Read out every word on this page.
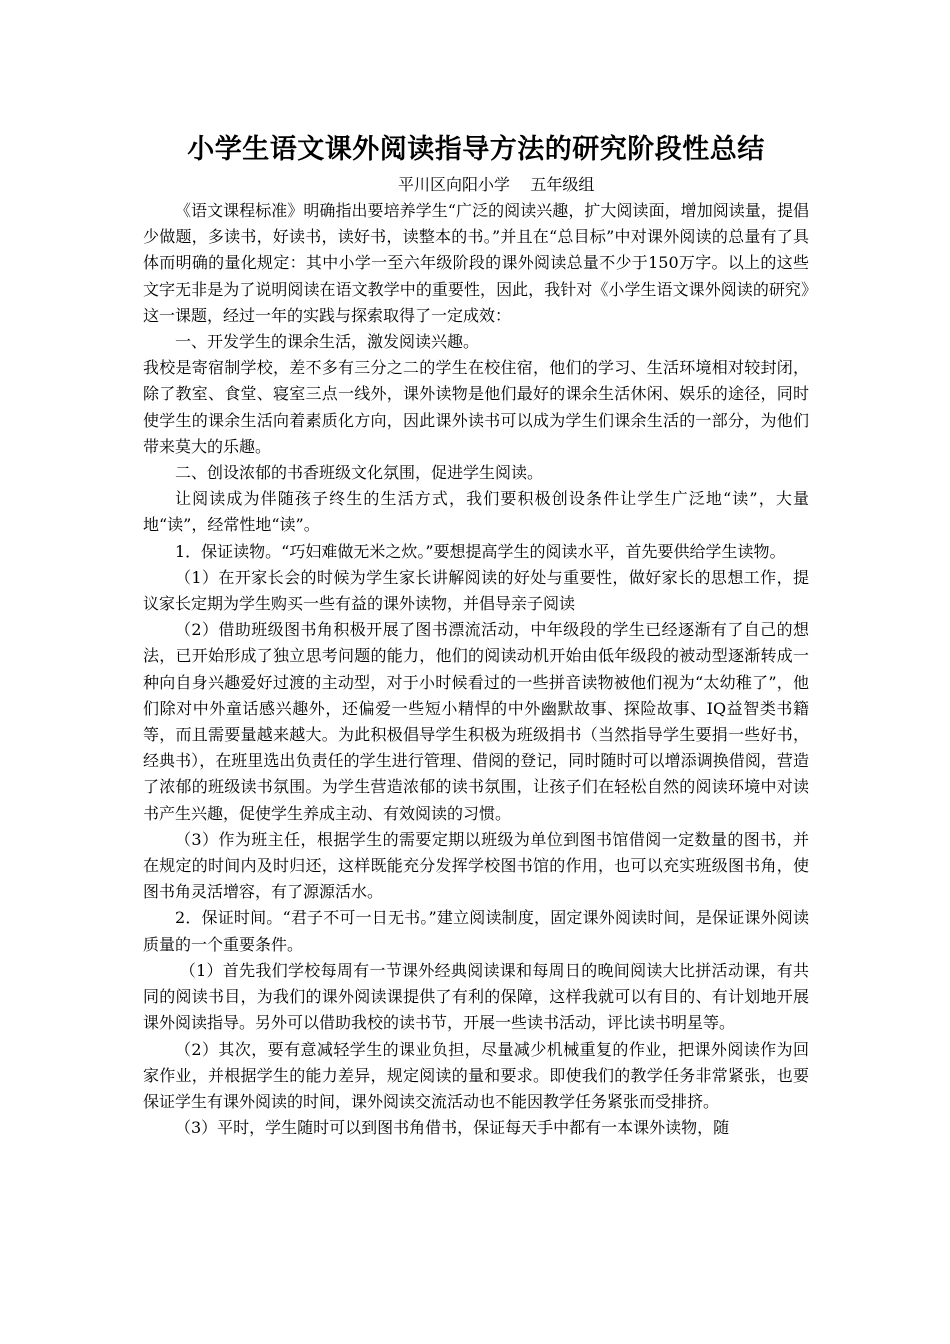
小学生语文课外阅读指导方法的研究阶段性总结
平川区向阳小学    五年级组

《语文课程标准》明确指出要培养学生“广泛的阅读兴趣，扩大阅读面，增加阅读量，提倡少做题，多读书，好读书，读好书，读整本的书。”并且在“总目标”中对课外阅读的总量有了具体而明确的量化规定：其中小学一至六年级阶段的课外阅读总量不少于150万字。以上的这些文字无非是为了说明阅读在语文教学中的重要性，因此，我针对《小学生语文课外阅读的研究》这一课题，经过一年的实践与探索取得了一定成效：

一、开发学生的课余生活，激发阅读兴趣。

我校是寄宿制学校，差不多有三分之二的学生在校住宿，他们的学习、生活环境相对较封闭，除了教室、食堂、寝室三点一线外，课外读物是他们最好的课余生活休闲、娱乐的途径，同时使学生的课余生活向着素质化方向，因此课外读书可以成为学生们课余生活的一部分，为他们带来莫大的乐趣。

二、创设浓郁的书香班级文化氛围，促进学生阅读。

让阅读成为伴随孩子终生的生活方式，我们要积极创设条件让学生广泛地“读”，大量地“读”，经常性地“读”。

1．保证读物。“巧妇难做无米之炊。”要想提高学生的阅读水平，首先要供给学生读物。

（1）在开家长会的时候为学生家长讲解阅读的好处与重要性，做好家长的思想工作，提议家长定期为学生购买一些有益的课外读物，并倡导亲子阅读

（2）借助班级图书角积极开展了图书漂流活动，中年级段的学生已经逐渐有了自己的想法，已开始形成了独立思考问题的能力，他们的阅读动机开始由低年级段的被动型逐渐转成一种向自身兴趣爱好过渡的主动型，对于小时候看过的一些拼音读物被他们视为“太幼稚了”，他们除对中外童话感兴趣外，还偏爱一些短小精悍的中外幽默故事、探险故事、IQ益智类书籍等，而且需要量越来越大。为此积极倡导学生积极为班级捐书（当然指导学生要捐一些好书，经典书），在班里选出负责任的学生进行管理、借阅的登记，同时随时可以增添调换借阅，营造了浓郁的班级读书氛围。为学生营造浓郁的读书氛围，让孩子们在轻松自然的阅读环境中对读书产生兴趣，促使学生养成主动、有效阅读的习惯。

（3）作为班主任，根据学生的需要定期以班级为单位到图书馆借阅一定数量的图书，并在规定的时间内及时归还，这样既能充分发挥学校图书馆的作用，也可以充实班级图书角，使图书角灵活增容，有了源源活水。

2．保证时间。“君子不可一日无书。”建立阅读制度，固定课外阅读时间，是保证课外阅读质量的一个重要条件。

（1）首先我们学校每周有一节课外经典阅读课和每周日的晚间阅读大比拼活动课，有共同的阅读书目，为我们的课外阅读课提供了有利的保障，这样我就可以有目的、有计划地开展课外阅读指导。另外可以借助我校的读书节，开展一些读书活动，评比读书明星等。

（2）其次，要有意减轻学生的课业负担，尽量减少机械重复的作业，把课外阅读作为回家作业，并根据学生的能力差异，规定阅读的量和要求。即使我们的教学任务非常紧张，也要保证学生有课外阅读的时间，课外阅读交流活动也不能因教学任务紧张而受排挤。

（3）平时，学生随时可以到图书角借书，保证每天手中都有一本课外读物，随
